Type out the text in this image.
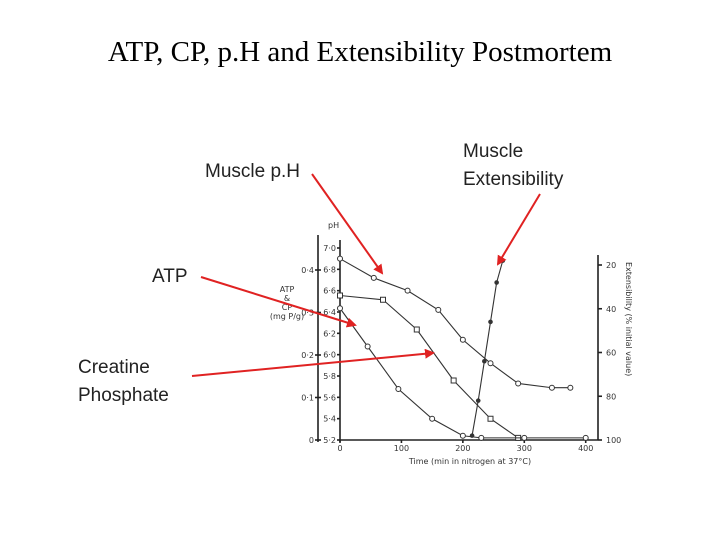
ATP, CP, p.H and Extensibility Postmortem
Muscle p.H
Muscle
Extensibility
ATP
Creatine
Phosphate
7·0
6·8
6·6
6·4
6·2
6·0
5·8
5·6
5·4
5·2
pH
0·4
0·3
0·2
0·1
0
ATP
&
CP
(mg P/g)
20
40
60
80
100
Extensibility (% initial value)
0	100	200	300	400
Time (min in nitrogen at 37°C)
